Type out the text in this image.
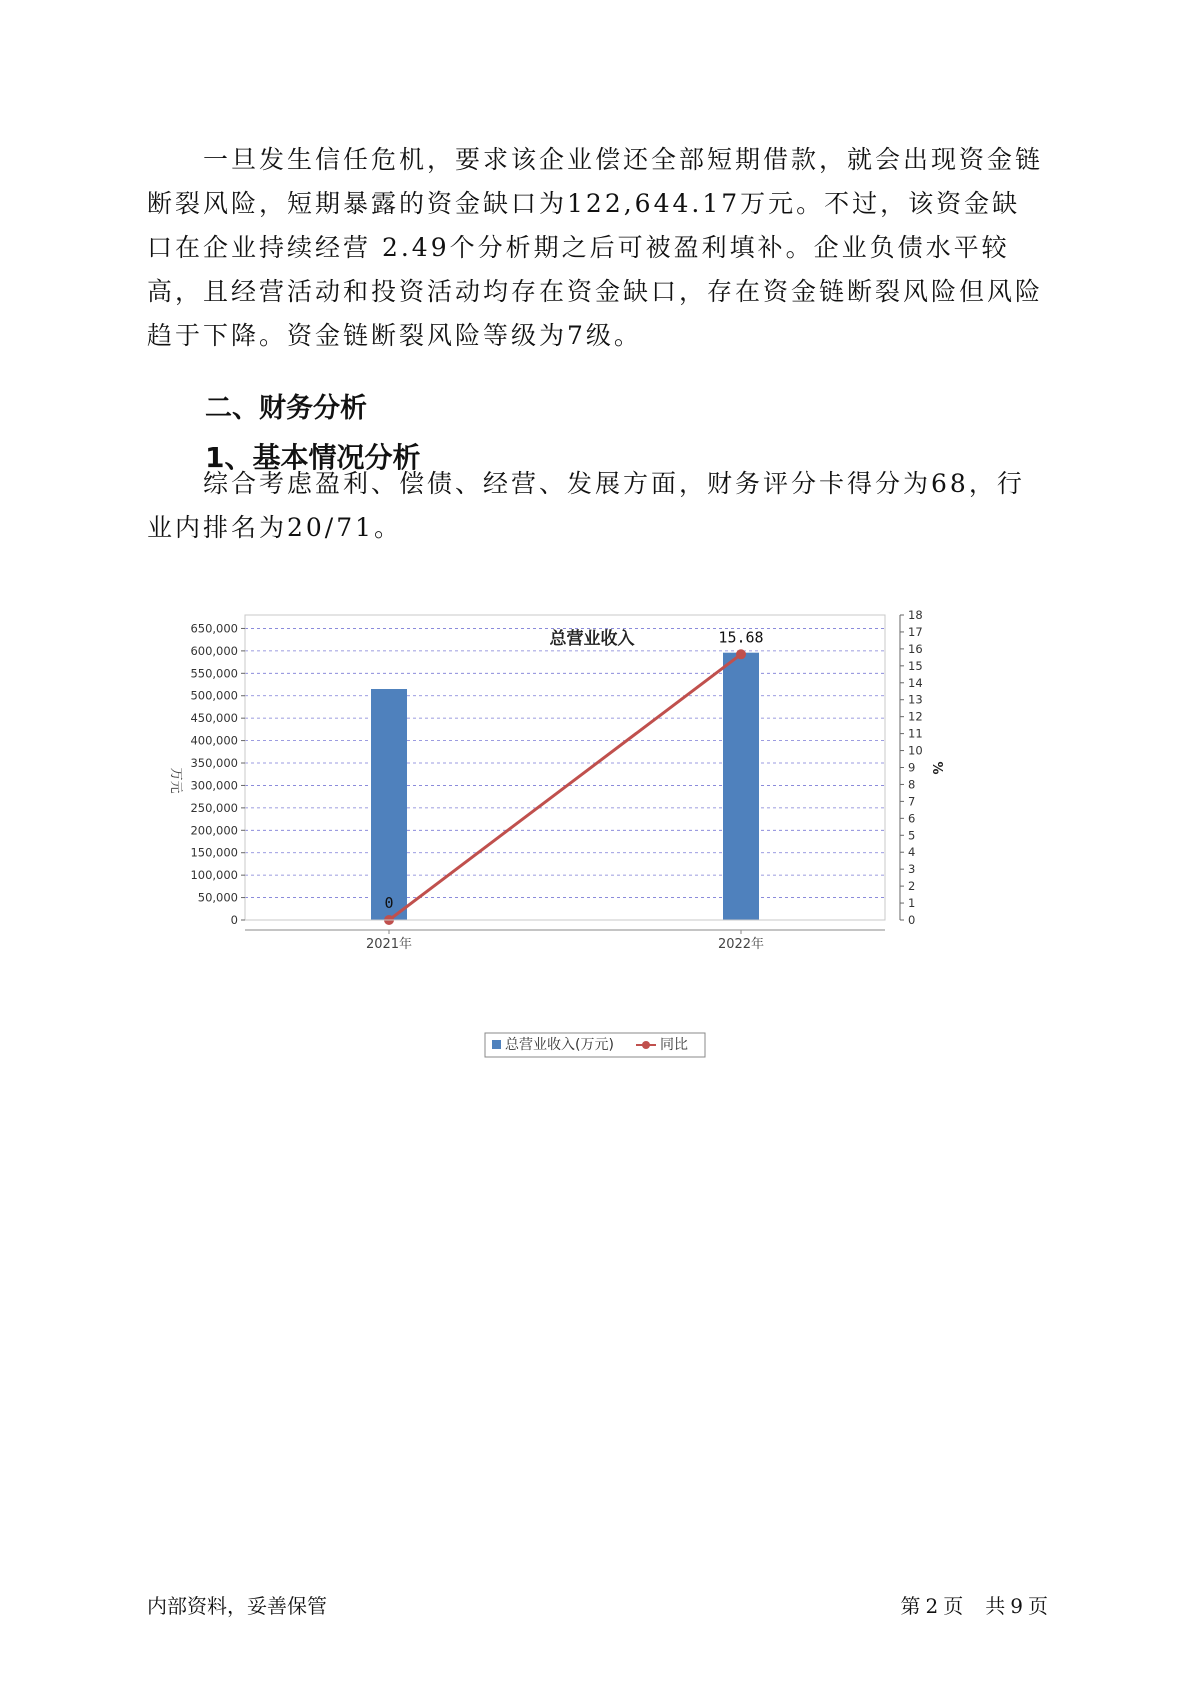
一旦发生信任危机，要求该企业偿还全部短期借款，就会出现资金链断裂风险，短期暴露的资金缺口为122,644.17万元。不过，该资金缺口在企业持续经营 2.49个分析期之后可被盈利填补。企业负债水平较高，且经营活动和投资活动均存在资金缺口，存在资金链断裂风险但风险趋于下降。资金链断裂风险等级为7级。

二、财务分析
1、基本情况分析

综合考虑盈利、偿债、经营、发展方面，财务评分卡得分为68，行业内排名为20/71。

总营业收入
0
15.68
0
50,000
100,000
150,000
200,000
250,000
300,000
350,000
400,000
450,000
500,000
550,000
600,000
650,000
0
1
2
3
4
5
6
7
8
9
10
11
12
13
14
15
16
17
18
2021年	2022年
万元	%
总营业收入(万元)	同比
内部资料，妥善保管	第 2 页　共 9 页
